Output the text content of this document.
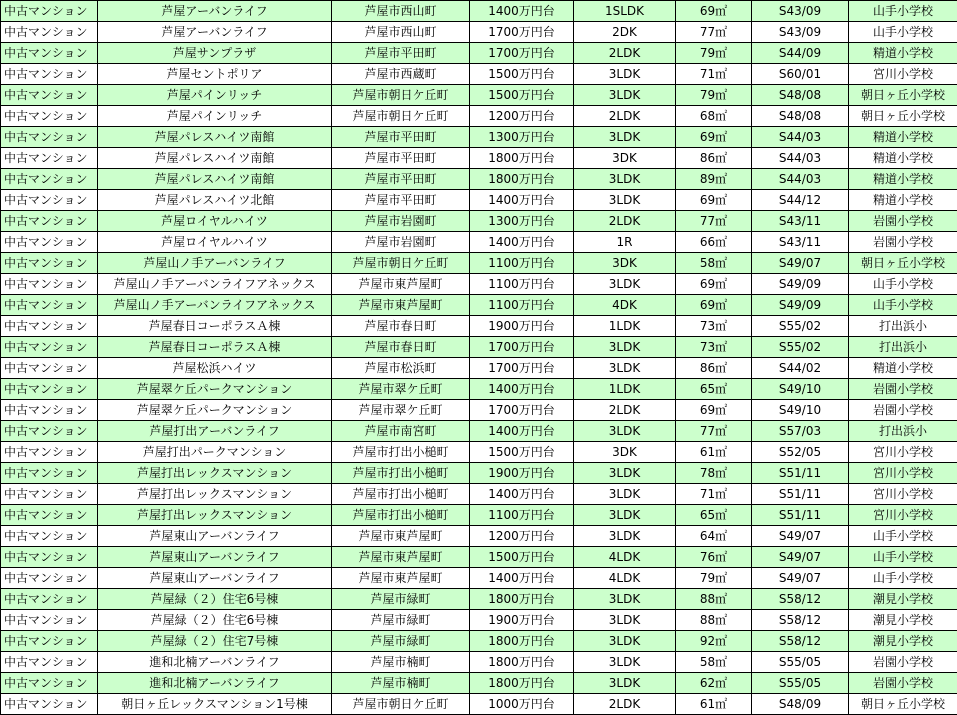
中古マンション	芦屋アーバンライフ	芦屋市西山町	1400万円台	1SLDK	69㎡	S43/09	山手小学校
中古マンション	芦屋アーバンライフ	芦屋市西山町	1700万円台	2DK	77㎡	S43/09	山手小学校
中古マンション	芦屋サンプラザ	芦屋市平田町	1700万円台	2LDK	79㎡	S44/09	精道小学校
中古マンション	芦屋セントポリア	芦屋市西蔵町	1500万円台	3LDK	71㎡	S60/01	宮川小学校
中古マンション	芦屋パインリッチ	芦屋市朝日ケ丘町	1500万円台	3LDK	79㎡	S48/08	朝日ヶ丘小学校
中古マンション	芦屋パインリッチ	芦屋市朝日ケ丘町	1200万円台	2LDK	68㎡	S48/08	朝日ヶ丘小学校
中古マンション	芦屋パレスハイツ南館	芦屋市平田町	1300万円台	3LDK	69㎡	S44/03	精道小学校
中古マンション	芦屋パレスハイツ南館	芦屋市平田町	1800万円台	3DK	86㎡	S44/03	精道小学校
中古マンション	芦屋パレスハイツ南館	芦屋市平田町	1800万円台	3LDK	89㎡	S44/03	精道小学校
中古マンション	芦屋パレスハイツ北館	芦屋市平田町	1400万円台	3LDK	69㎡	S44/12	精道小学校
中古マンション	芦屋ロイヤルハイツ	芦屋市岩園町	1300万円台	2LDK	77㎡	S43/11	岩園小学校
中古マンション	芦屋ロイヤルハイツ	芦屋市岩園町	1400万円台	1R	66㎡	S43/11	岩園小学校
中古マンション	芦屋山ノ手アーバンライフ	芦屋市朝日ケ丘町	1100万円台	3DK	58㎡	S49/07	朝日ヶ丘小学校
中古マンション	芦屋山ノ手アーバンライフアネックス	芦屋市東芦屋町	1100万円台	3LDK	69㎡	S49/09	山手小学校
中古マンション	芦屋山ノ手アーバンライフアネックス	芦屋市東芦屋町	1100万円台	4DK	69㎡	S49/09	山手小学校
中古マンション	芦屋春日コーポラスＡ棟	芦屋市春日町	1900万円台	1LDK	73㎡	S55/02	打出浜小
中古マンション	芦屋春日コーポラスＡ棟	芦屋市春日町	1700万円台	3LDK	73㎡	S55/02	打出浜小
中古マンション	芦屋松浜ハイツ	芦屋市松浜町	1700万円台	3LDK	86㎡	S44/02	精道小学校
中古マンション	芦屋翠ケ丘パークマンション	芦屋市翠ケ丘町	1400万円台	1LDK	65㎡	S49/10	岩園小学校
中古マンション	芦屋翠ケ丘パークマンション	芦屋市翠ケ丘町	1700万円台	2LDK	69㎡	S49/10	岩園小学校
中古マンション	芦屋打出アーバンライフ	芦屋市南宮町	1400万円台	3LDK	77㎡	S57/03	打出浜小
中古マンション	芦屋打出パークマンション	芦屋市打出小槌町	1500万円台	3DK	61㎡	S52/05	宮川小学校
中古マンション	芦屋打出レックスマンション	芦屋市打出小槌町	1900万円台	3LDK	78㎡	S51/11	宮川小学校
中古マンション	芦屋打出レックスマンション	芦屋市打出小槌町	1400万円台	3LDK	71㎡	S51/11	宮川小学校
中古マンション	芦屋打出レックスマンション	芦屋市打出小槌町	1100万円台	3LDK	65㎡	S51/11	宮川小学校
中古マンション	芦屋東山アーバンライフ	芦屋市東芦屋町	1200万円台	3LDK	64㎡	S49/07	山手小学校
中古マンション	芦屋東山アーバンライフ	芦屋市東芦屋町	1500万円台	4LDK	76㎡	S49/07	山手小学校
中古マンション	芦屋東山アーバンライフ	芦屋市東芦屋町	1400万円台	4LDK	79㎡	S49/07	山手小学校
中古マンション	芦屋緑（２）住宅6号棟	芦屋市緑町	1800万円台	3LDK	88㎡	S58/12	潮見小学校
中古マンション	芦屋緑（２）住宅6号棟	芦屋市緑町	1900万円台	3LDK	88㎡	S58/12	潮見小学校
中古マンション	芦屋緑（２）住宅7号棟	芦屋市緑町	1800万円台	3LDK	92㎡	S58/12	潮見小学校
中古マンション	進和北楠アーバンライフ	芦屋市楠町	1800万円台	3LDK	58㎡	S55/05	岩園小学校
中古マンション	進和北楠アーバンライフ	芦屋市楠町	1800万円台	3LDK	62㎡	S55/05	岩園小学校
中古マンション	朝日ヶ丘レックスマンション1号棟	芦屋市朝日ケ丘町	1000万円台	2LDK	61㎡	S48/09	朝日ヶ丘小学校
